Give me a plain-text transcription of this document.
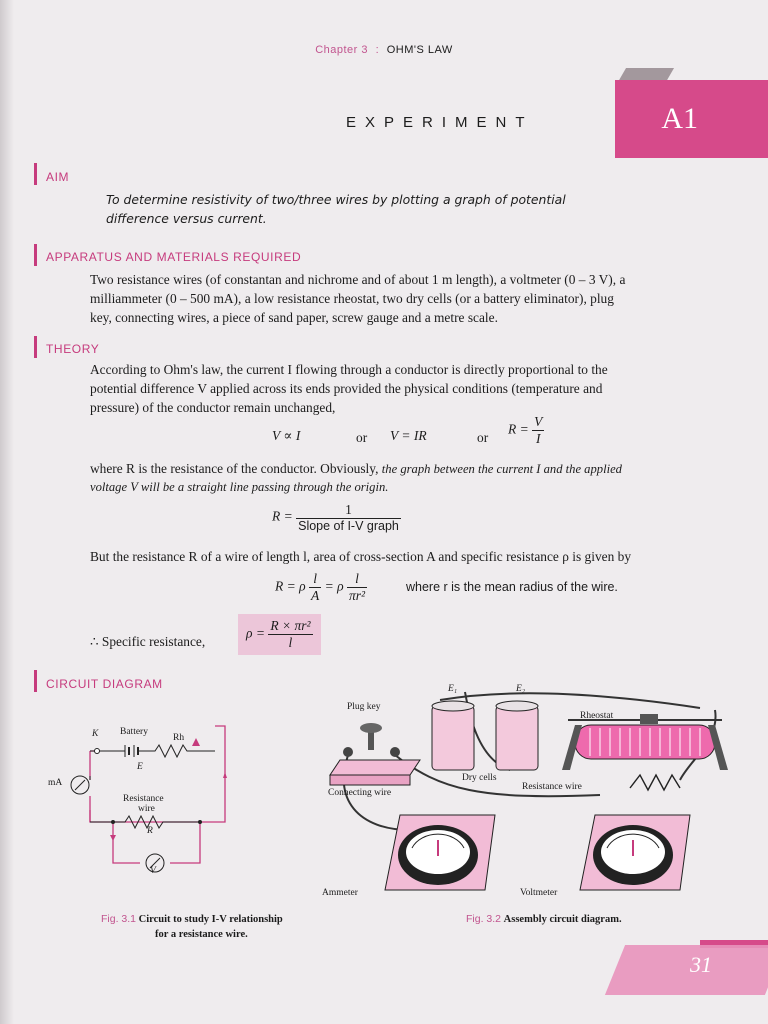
Chapter 3 : OHM'S LAW
EXPERIMENT	A1
AIM
To determine resistivity of two/three wires by plotting a graph of potential
difference versus current.
APPARATUS AND MATERIALS REQUIRED
Two resistance wires (of constantan and nichrome and of about 1 m length), a voltmeter (0 – 3 V), a
milliammeter (0 – 500 mA), a low resistance rheostat, two dry cells (or a battery eliminator), plug
key, connecting wires, a piece of sand paper, screw gauge and a metre scale.
THEORY
According to Ohm's law, the current I flowing through a conductor is directly proportional to the
potential difference V applied across its ends provided the physical conditions (temperature and
pressure) of the conductor remain unchanged,
V ∝ I	or V = IR	or
$R = \frac{V}{I}$
where R is the resistance of the conductor. Obviously, the graph between the current I and the applied
voltage V will be a straight line passing through the origin.
$R = \frac{1}{\text{Slope of I-V graph}}$
But the resistance R of a wire of length l, area of cross-section A and specific resistance ρ is given by
R = ρ $\frac{l}{A} = \rho \frac{l}{\text{πr²}}$	where r is the mean radius of the wire.
∴ Specific resistance,
$\rho = \frac{\text{R × πr²}}{l}$
CIRCUIT DIAGRAM
K Battery
Rh
E
mA
Resistance
wire
R
V
Plug key
E₁	E₂
Rheostat
Dry cells
Resistance wire
Connecting wire
Ammeter	Voltmeter
Fig. 3.1 Circuit to study I-V relationship
for a resistance wire.
Fig. 3.2 Assembly circuit diagram.
31
